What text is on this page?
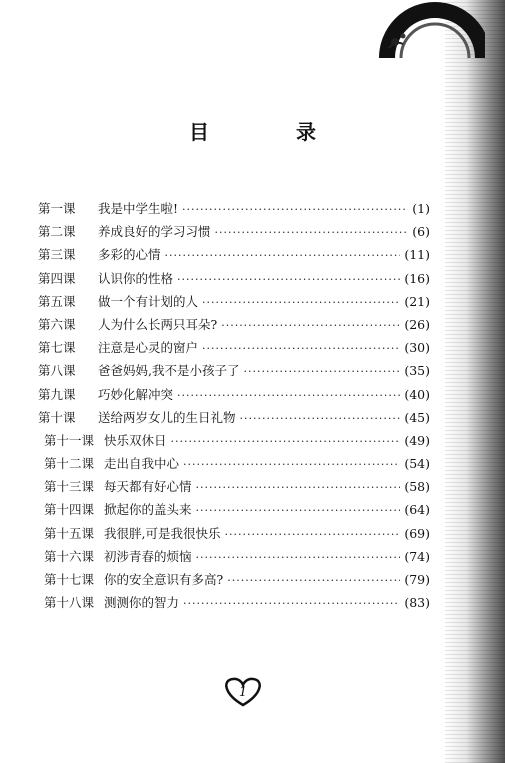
目 录
第一课	我是中学生啦! ·····	(1)
第二课	养成良好的学习习惯 ·····	(6)
第三课	多彩的心情 ·····	(11)
第四课	认识你的性格 ·····	(16)
第五课	做一个有计划的人 ·····	(21)
第六课	人为什么长两只耳朵? ·····	(26)
第七课	注意是心灵的窗户 ·····	(30)
第八课	爸爸妈妈,我不是小孩子了 ·····	(35)
第九课	巧妙化解冲突 ·····	(40)
第十课	送给两岁女儿的生日礼物 ·····	(45)
第十一课 快乐双休日 ·····	(49)
第十二课 走出自我中心 ·····	(54)
第十三课 每天都有好心情 ·····	(58)
第十四课 掀起你的盖头来 ·····	(64)
第十五课 我很胖,可是我很快乐 ·····	(69)
第十六课 初涉青春的烦恼 ·····	(74)
第十七课 你的安全意识有多高? ·····	(79)
第十八课 测测你的智力 ·····	(83)
1
